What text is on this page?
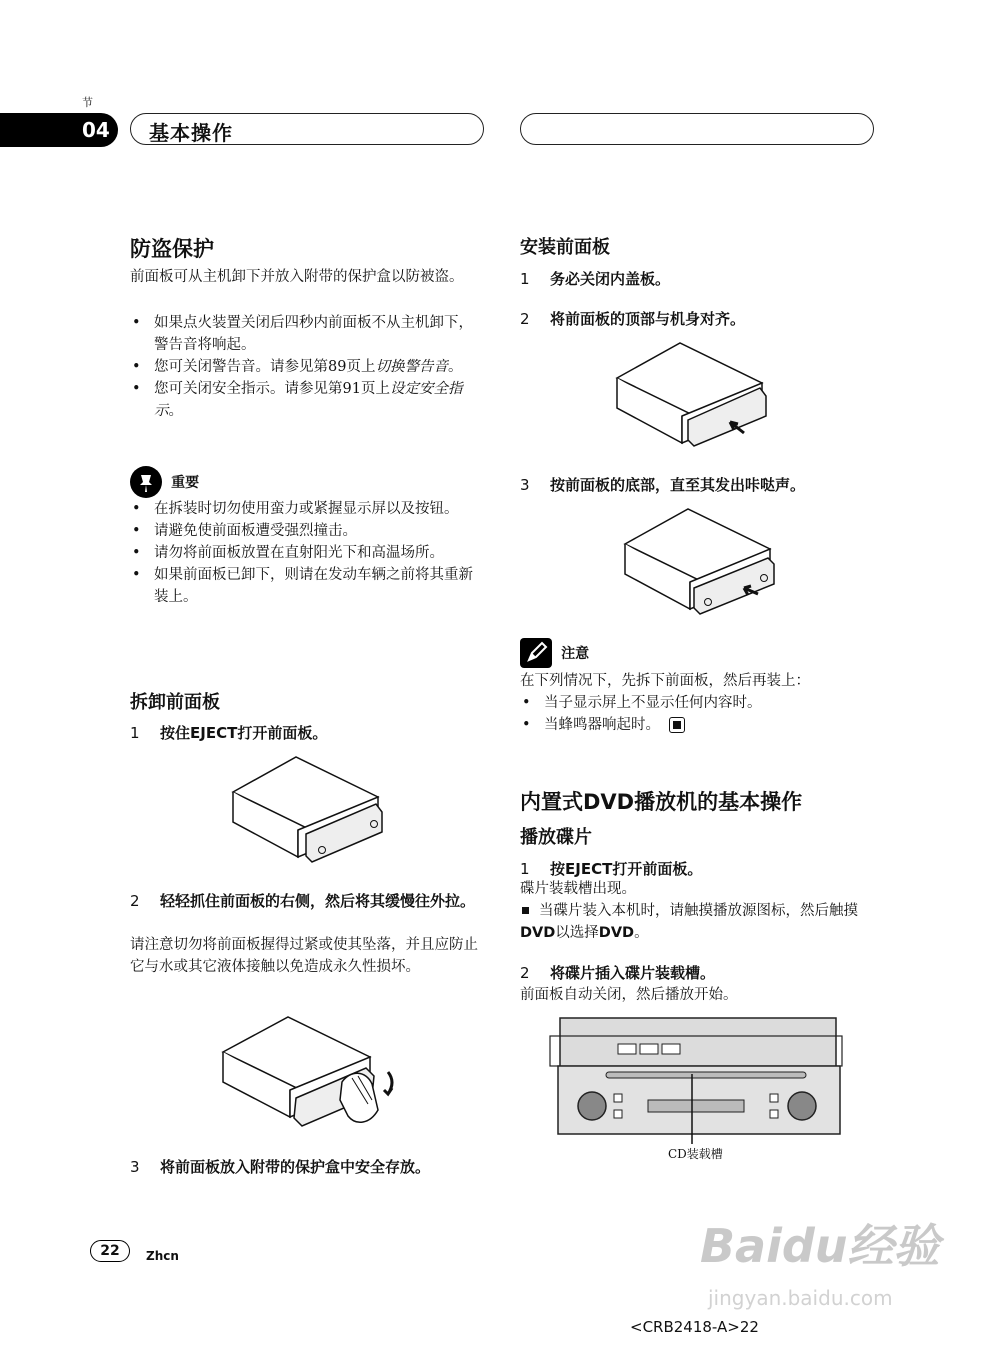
节
04	基本操作
防盗保护
前面板可从主机卸下并放入附带的保护盒以防被盗。
• 如果点火装置关闭后四秒内前面板不从主机卸下，警告音将响起。
• 您可关闭警告音。请参见第89页上切换警告音。
• 您可关闭安全指示。请参见第91页上设定安全指示。
重要
• 在拆装时切勿使用蛮力或紧握显示屏以及按钮。
• 请避免使前面板遭受强烈撞击。
• 请勿将前面板放置在直射阳光下和高温场所。
• 如果前面板已卸下，则请在发动车辆之前将其重新装上。
拆卸前面板
1 按住EJECT打开前面板。
2 轻轻抓住前面板的右侧，然后将其缓慢往外拉。
请注意切勿将前面板握得过紧或使其坠落，并且应防止它与水或其它液体接触以免造成永久性损坏。
3 将前面板放入附带的保护盒中安全存放。
安装前面板
1 务必关闭内盖板。
2 将前面板的顶部与机身对齐。
3 按前面板的底部，直至其发出咔哒声。
注意
在下列情况下，先拆下前面板，然后再装上：
• 当子显示屏上不显示任何内容时。
• 当蜂鸣器响起时。
内置式DVD播放机的基本操作
播放碟片
1 按EJECT打开前面板。
碟片装载槽出现。
当碟片装入本机时，请触摸播放源图标，然后触摸DVD以选择DVD。
2 将碟片插入碟片装载槽。
前面板自动关闭，然后播放开始。
CD装载槽
22	Zhcn	Baidu经验
jingyan.baidu.com
<CRB2418-A>22
